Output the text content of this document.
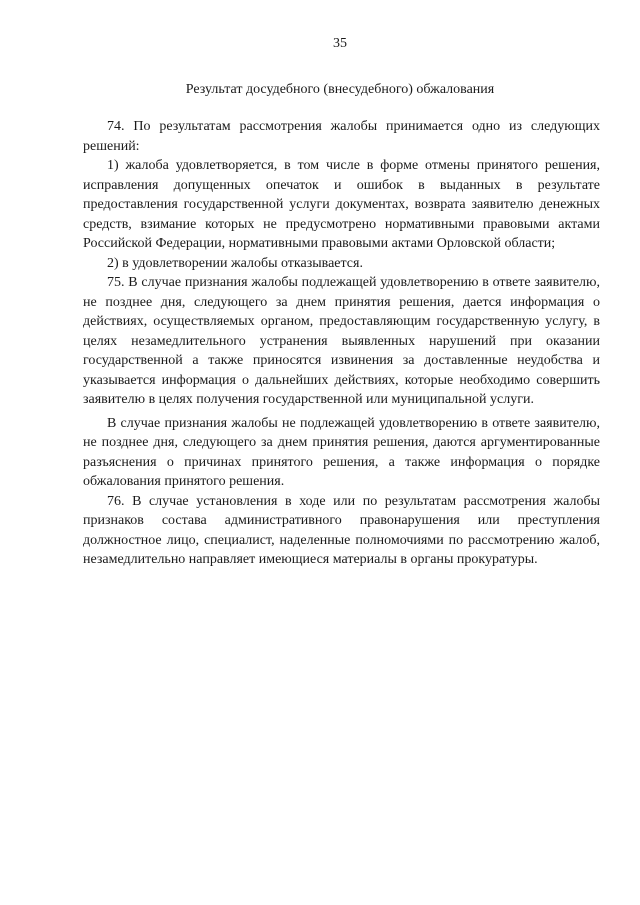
35
Результат досудебного (внесудебного) обжалования

74. По результатам рассмотрения жалобы принимается одно из следующих решений:

1) жалоба удовлетворяется, в том числе в форме отмены принятого решения, исправления допущенных опечаток и ошибок в выданных в результате предоставления государственной услуги документах, возврата заявителю денежных средств, взимание которых не предусмотрено нормативными правовыми актами Российской Федерации, нормативными правовыми актами Орловской области;

2) в удовлетворении жалобы отказывается.

75. В случае признания жалобы подлежащей удовлетворению в ответе заявителю, не позднее дня, следующего за днем принятия решения, дается информация о действиях, осуществляемых органом, предоставляющим государственную услугу, в целях незамедлительного устранения выявленных нарушений при оказании государственной а также приносятся извинения за доставленные неудобства и указывается информация о дальнейших действиях, которые необходимо совершить заявителю в целях получения государственной или муниципальной услуги.

В случае признания жалобы не подлежащей удовлетворению в ответе заявителю, не позднее дня, следующего за днем принятия решения, даются аргументированные разъяснения о причинах принятого решения, а также информация о порядке обжалования принятого решения.

76. В случае установления в ходе или по результатам рассмотрения жалобы признаков состава административного правонарушения или преступления должностное лицо, специалист, наделенные полномочиями по рассмотрению жалоб, незамедлительно направляет имеющиеся материалы в органы прокуратуры.
